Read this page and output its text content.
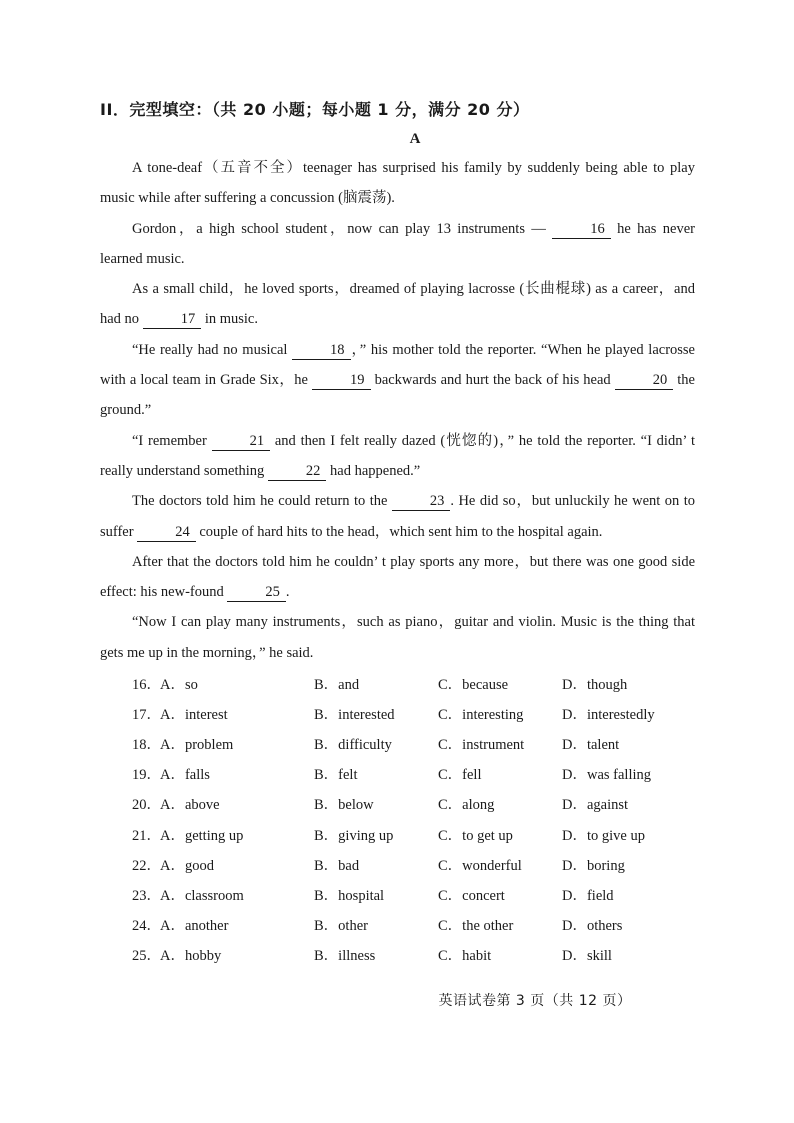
II．完型填空：（共 20 小题；每小题 1 分，满分 20 分）
A

A tone-deaf（五音不全）teenager has surprised his family by suddenly being able to play music while after suffering a concussion (脑震荡).

Gordon，a high school student，now can play 13 instruments —	16 he has never learned music.

As a small child，he loved sports，dreamed of playing lacrosse (长曲棍球) as a career，and had no	17 in music.

“He really had no musical	18 ，” his mother told the reporter. “When he played lacrosse with a local team in Grade Six，he	19 backwards and hurt the back of his head	20 the ground.”

“I remember	21 and then I felt really dazed (恍惚的)，” he told the reporter. “I didn’ t really understand something	22 had happened.”

The doctors told him he could return to the	23 . He did so，but unluckily he went on to suffer	24 couple of hard hits to the head，which sent him to the hospital again.

After that the doctors told him he couldn’ t play sports any more，but there was one good side effect: his new-found	25 .

“Now I can play many instruments，such as piano，guitar and violin. Music is the thing that gets me up in the morning，” he said.

16． A．so	B．and	C．because	D．though
17． A．interest	B．interested	C．interesting	D．interestedly
18． A．problem	B．difficulty	C．instrument	D．talent
19． A．falls	B．felt	C．fell	D．was falling
20． A．above	B．below	C．along	D．against
21． A．getting up	B．giving up	C．to get up	D．to give up
22． A．good	B．bad	C．wonderful	D．boring
23． A．classroom	B．hospital	C．concert	D．field
24． A．another	B．other	C．the other	D．others
25． A．hobby	B．illness	C．habit	D．skill
英语试卷第 3 页（共 12 页）
